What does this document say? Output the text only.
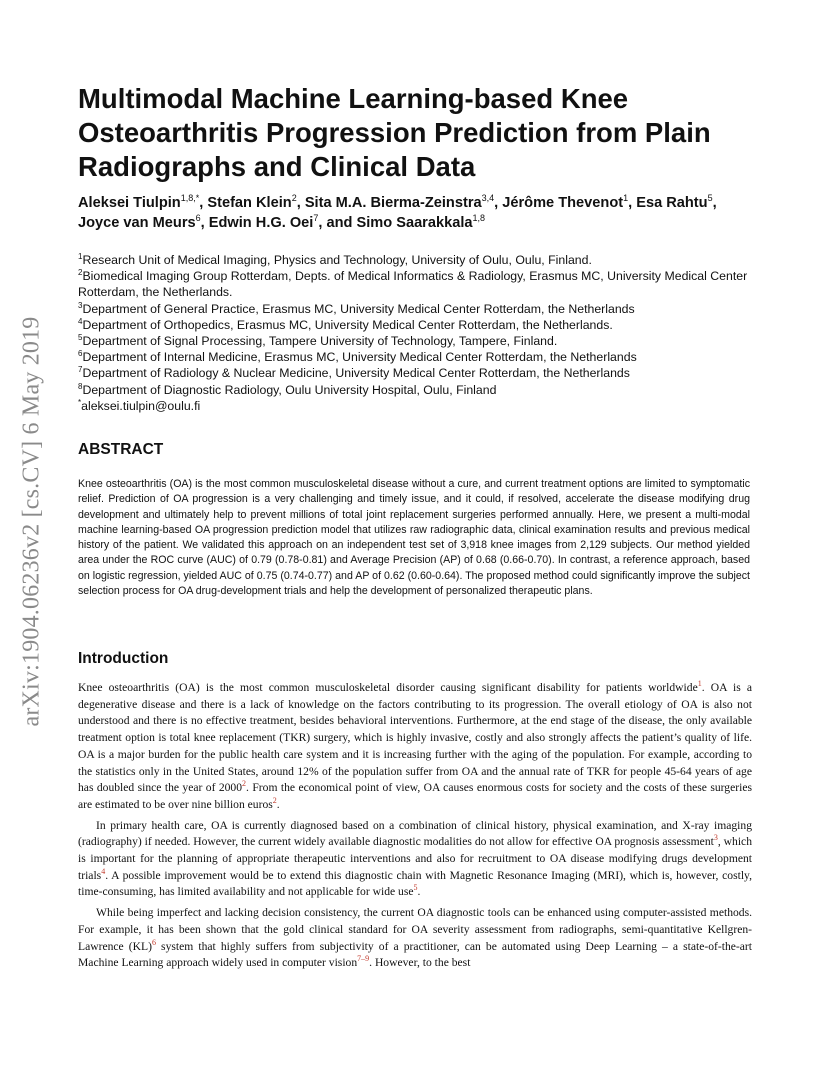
arXiv:1904.06236v2 [cs.CV] 6 May 2019
Multimodal Machine Learning-based Knee Osteoarthritis Progression Prediction from Plain Radiographs and Clinical Data

Aleksei Tiulpin$^{1,8,*}$, Stefan Klein$^2$, Sita M.A. Bierma-Zeinstra$^{3,4}$, Jérôme Thevenot$^1$, Esa Rahtu$^5$, Joyce van Meurs$^6$, Edwin H.G. Oei$^7$, and Simo Saarakkala$^{1,8}$

$^1$Research Unit of Medical Imaging, Physics and Technology, University of Oulu, Oulu, Finland.
$^2$Biomedical Imaging Group Rotterdam, Depts. of Medical Informatics & Radiology, Erasmus MC, University Medical Center Rotterdam, the Netherlands.
$^3$Department of General Practice, Erasmus MC, University Medical Center Rotterdam, the Netherlands
$^4$Department of Orthopedics, Erasmus MC, University Medical Center Rotterdam, the Netherlands.
$^5$Department of Signal Processing, Tampere University of Technology, Tampere, Finland.
$^6$Department of Internal Medicine, Erasmus MC, University Medical Center Rotterdam, the Netherlands
$^7$Department of Radiology & Nuclear Medicine, University Medical Center Rotterdam, the Netherlands
$^8$Department of Diagnostic Radiology, Oulu University Hospital, Oulu, Finland
*aleksei.tiulpin@oulu.fi
ABSTRACT

Knee osteoarthritis (OA) is the most common musculoskeletal disease without a cure, and current treatment options are limited to symptomatic relief. Prediction of OA progression is a very challenging and timely issue, and it could, if resolved, accelerate the disease modifying drug development and ultimately help to prevent millions of total joint replacement surgeries performed annually. Here, we present a multi-modal machine learning-based OA progression prediction model that utilizes raw radiographic data, clinical examination results and previous medical history of the patient. We validated this approach on an independent test set of 3,918 knee images from 2,129 subjects. Our method yielded area under the ROC curve (AUC) of 0.79 (0.78-0.81) and Average Precision (AP) of 0.68 (0.66-0.70). In contrast, a reference approach, based on logistic regression, yielded AUC of 0.75 (0.74-0.77) and AP of 0.62 (0.60-0.64). The proposed method could significantly improve the subject selection process for OA drug-development trials and help the development of personalized therapeutic plans.

Introduction

Knee osteoarthritis (OA) is the most common musculoskeletal disorder causing significant disability for patients worldwide$^1$. OA is a degenerative disease and there is a lack of knowledge on the factors contributing to its progression. The overall etiology of OA is also not understood and there is no effective treatment, besides behavioral interventions. Furthermore, at the end stage of the disease, the only available treatment option is total knee replacement (TKR) surgery, which is highly invasive, costly and also strongly affects the patient’s quality of life. OA is a major burden for the public health care system and it is increasing further with the aging of the population. For example, according to the statistics only in the United States, around 12% of the population suffer from OA and the annual rate of TKR for people 45-64 years of age has doubled since the year of 2000$^2$. From the economical point of view, OA causes enormous costs for society and the costs of these surgeries are estimated to be over nine billion euros$^2$.

In primary health care, OA is currently diagnosed based on a combination of clinical history, physical examination, and X-ray imaging (radiography) if needed. However, the current widely available diagnostic modalities do not allow for effective OA prognosis assessment$^3$, which is important for the planning of appropriate therapeutic interventions and also for recruitment to OA disease modifying drugs development trials$^4$. A possible improvement would be to extend this diagnostic chain with Magnetic Resonance Imaging (MRI), which is, however, costly, time-consuming, has limited availability and not applicable for wide use$^5$.

While being imperfect and lacking decision consistency, the current OA diagnostic tools can be enhanced using computer-assisted methods. For example, it has been shown that the gold clinical standard for OA severity assessment from radiographs, semi-quantitative Kellgren-Lawrence (KL)$^6$ system that highly suffers from subjectivity of a practitioner, can be automated using Deep Learning – a state-of-the-art Machine Learning approach widely used in computer vision$^{7-9}$. However, to the best
